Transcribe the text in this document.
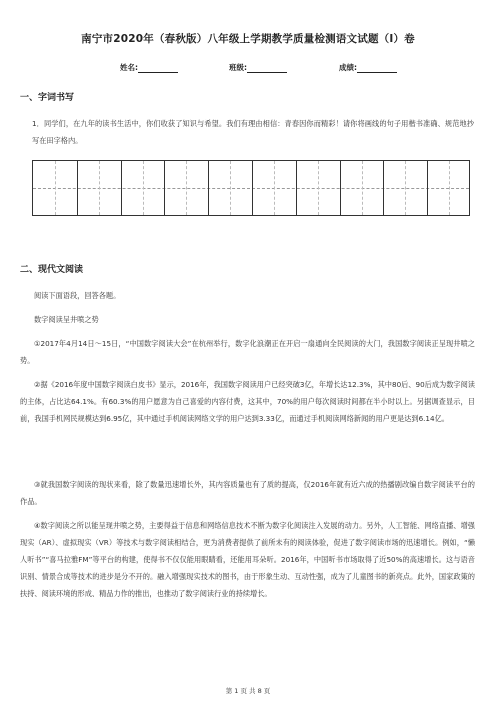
南宁市2020年（春秋版）八年级上学期教学质量检测语文试题（I）卷
姓名:	班级:	成绩:
一、字词书写
1．同学们，在九年的读书生活中，你们收获了知识与希望。我们有理由相信：青春因你而精彩！请你将画线的句子用楷书准确、规范地抄写在田字格内。
二、现代文阅读
阅读下面语段，回答各题。
数字阅读呈井喷之势
①2017年4月14日～15日，“中国数字阅读大会”在杭州举行，数字化浪潮正在开启一扇通向全民阅读的大门，我国数字阅读正呈现井喷之势。
②据《2016年度中国数字阅读白皮书》显示，2016年，我国数字阅读用户已经突破3亿，年增长达12.3%，其中80后、90后成为数字阅读的主体，占比达64.1%。有60.3%的用户愿意为自己喜爱的内容付费，这其中，70%的用户每次阅读时间都在半小时以上。另据调查显示，目前，我国手机网民规模达到6.95亿，其中通过手机阅读网络文学的用户达到3.33亿，而通过手机阅读网络新闻的用户更是达到6.14亿。
③就我国数字阅读的现状来看，除了数量迅速增长外，其内容质量也有了质的提高，仅2016年就有近六成的热播剧改编自数字阅读平台的作品。
④数字阅读之所以能呈现井喷之势，主要得益于信息和网络信息技术不断为数字化阅读注入发展的动力。另外，人工智能、网络直播、增强现实（AR）、虚拟现实（VR）等技术与数字阅读相结合，更为消费者提供了前所未有的阅读体验，促进了数字阅读市场的迅速增长。例如，“懒人听书”“喜马拉雅FM”等平台的构建，使得书不仅仅能用眼睛看，还能用耳朵听。2016年，中国听书市场取得了近50%的高速增长。这与语音识别、情景合成等技术的进步是分不开的。融入增强现实技术的图书，由于形象生动、互动性强，成为了儿童图书的新亮点。此外，国家政策的扶持、阅读环境的形成、精品力作的推出，也推动了数字阅读行业的持续增长。
第 1 页 共 8 页
